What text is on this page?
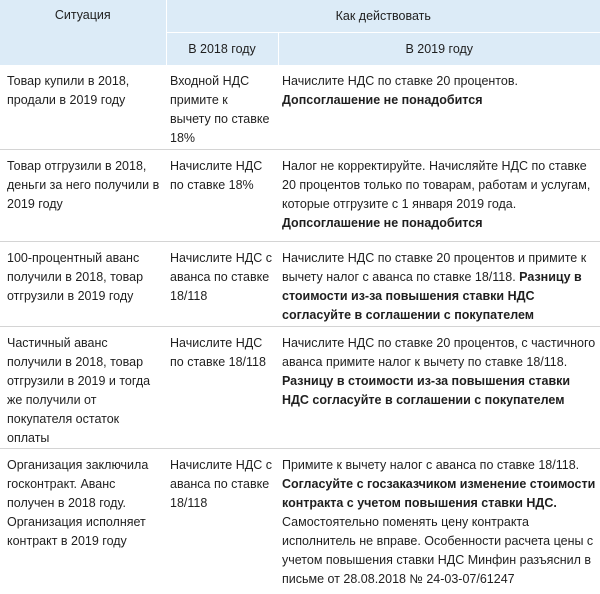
Ситуация	Как действовать	
	В 2018 году	В 2019 году
Товар купили в 2018, продали в 2019 году	Входной НДС примите к вычету по ставке 18%	Начислите НДС по ставке 20 процентов. Допсоглашение не понадобится
Товар отгрузили в 2018, деньги за него получили в 2019 году	Начислите НДС по ставке 18%	Налог не корректируйте. Начисляйте НДС по ставке 20 процентов только по товарам, работам и услугам, которые отгрузите с 1 января 2019 года. Допсоглашение не понадобится
100-процентный аванс получили в 2018, товар отгрузили в 2019 году	Начислите НДС с аванса по ставке 18/118	Начислите НДС по ставке 20 процентов и примите к вычету налог с аванса по ставке 18/118. Разницу в стоимости из-за повышения ставки НДС согласуйте в соглашении с покупателем
Частичный аванс получили в 2018, товар отгрузили в 2019 и тогда же получили от покупателя остаток оплаты	Начислите НДС по ставке 18/118	Начислите НДС по ставке 20 процентов, с частичного аванса примите налог к вычету по ставке 18/118. Разницу в стоимости из-за повышения ставки НДС согласуйте в соглашении с покупателем
Организация заключила госконтракт. Аванс получен в 2018 году. Организация исполняет контракт в 2019 году	Начислите НДС с аванса по ставке 18/118	Примите к вычету налог с аванса по ставке 18/118. Согласуйте с госзаказчиком изменение стоимости контракта с учетом повышения ставки НДС. Самостоятельно поменять цену контракта исполнитель не вправе. Особенности расчета цены с учетом повышения ставки НДС Минфин разъяснил в письме от 28.08.2018 № 24-03-07/61247
